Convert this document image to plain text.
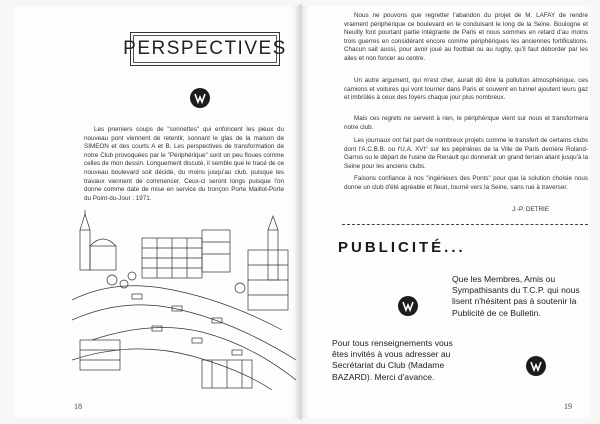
PERSPECTIVES

Les premiers coups de "sonnettes" qui enfoncent les pieux du nouveau pont viennent de retentir, sonnant le glas de la maison de SIMEON et des courts A et B. Les perspectives de transformation de notre Club provoquées par le "Périphérique" sont un peu floues comme celles de mon dessin. Longuement discuté, il semble que le tracé de ce nouveau boulevard soit décidé, du moins jusqu'au club, puisque les travaux viennent de commencer. Ceux-ci seront longs puisque l'on donne comme date de mise en service du tronçon Porte Maillot-Porte du Point-du-Jour : 1971.

18

Nous ne pouvons que regretter l'abandon du projet de M. LAFAY de rendre vraiment périphérique ce boulevard en le conduisant le long de la Seine. Boulogne et Neuilly font pourtant partie intégrante de Paris et nous sommes en retard d'au moins trois guerres en considérant encore comme périphériques les anciennes fortifications. Chacun sait aussi, pour avoir joué au football ou au rugby, qu'il faut déborder par les ailes et non foncer au centre.

Un autre argument, qui m'est cher, aurait dû être la pollution atmosphérique, ces camions et voitures qui vont tourner dans Paris et souvent en tunnel ajoutent leurs gaz et imbrûlés à ceux des foyers chaque jour plus nombreux.

Mais ces regrets ne servent à rien, le périphérique vient sur nous et transformera notre club.

Les journaux ont fait part de nombreux projets comme le transfert de certains clubs dont l'A.C.B.B. ou l'U.A. XVI° sur les pépinières de la Ville de Paris derrière Roland-Garros ou le départ de l'usine de Renault qui donnerait un grand terrain aliant jusqu'à la Seine pour les anciens clubs.

Faisons confiance à nos "ingénieurs des Ponts" pour que la solution choisie nous donne un club d'été agréable et fleuri, tourné vers la Seine, sans rue à traverser.

J.-P. DETRIE
PUBLICITÉ...

Que les Membres, Amis ou Sympathisants du T.C.P. qui nous lisent n'hésitent pas à soutenir la Publicité de ce Bulletin.

Pour tous renseignements vous êtes invités à vous adresser au Secrétariat du Club (Madame BAZARD). Merci d'avance.

19
